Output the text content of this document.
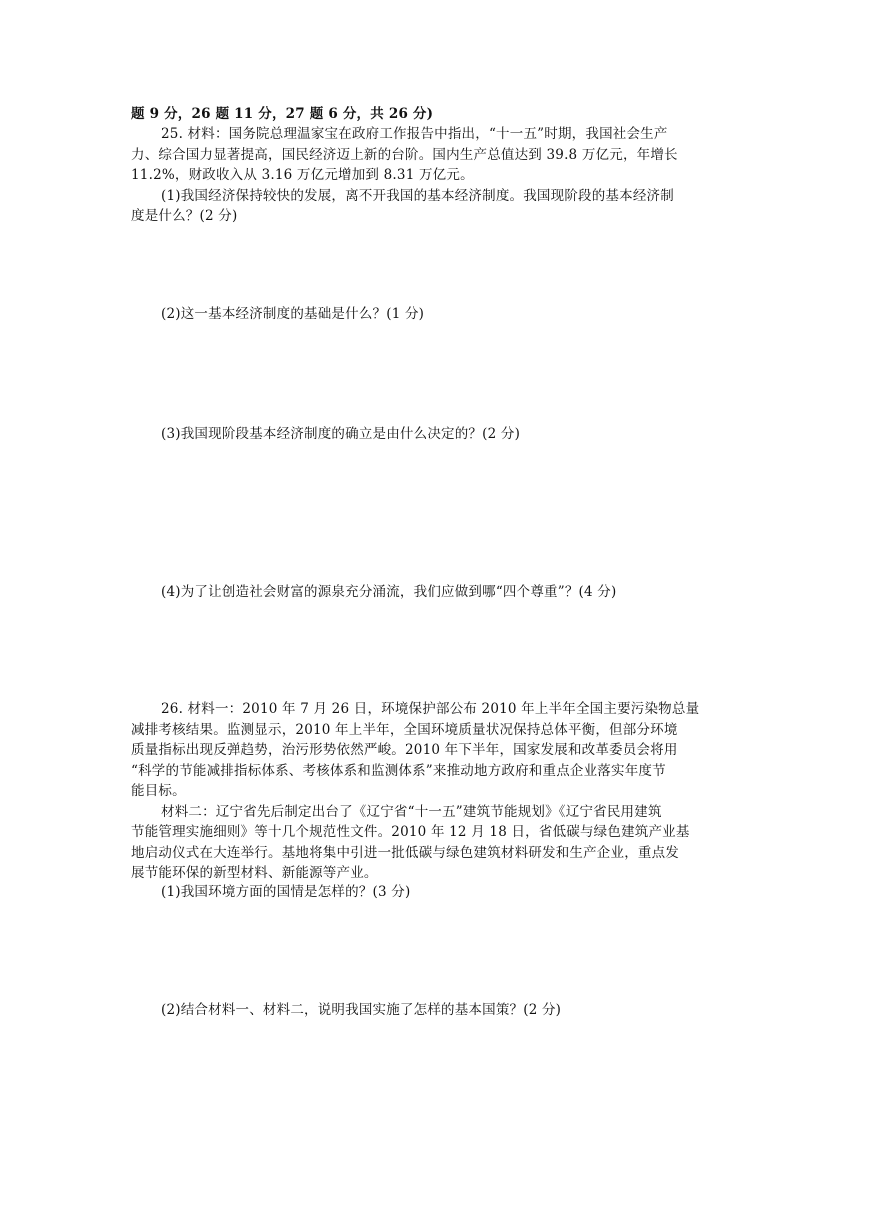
题 9 分，26 题 11 分，27 题 6 分，共 26 分)
25. 材料：国务院总理温家宝在政府工作报告中指出，“十一五”时期，我国社会生产
力、综合国力显著提高，国民经济迈上新的台阶。国内生产总值达到 39.8 万亿元，年增长
11.2%，财政收入从 3.16 万亿元增加到 8.31 万亿元。
(1)我国经济保持较快的发展，离不开我国的基本经济制度。我国现阶段的基本经济制
度是什么？(2 分)
(2)这一基本经济制度的基础是什么？(1 分)
(3)我国现阶段基本经济制度的确立是由什么决定的？(2 分)
(4)为了让创造社会财富的源泉充分涌流，我们应做到哪“四个尊重”？(4 分)
26. 材料一：2010 年 7 月 26 日，环境保护部公布 2010 年上半年全国主要污染物总量
减排考核结果。监测显示，2010 年上半年，全国环境质量状况保持总体平衡，但部分环境
质量指标出现反弹趋势，治污形势依然严峻。2010 年下半年，国家发展和改革委员会将用
“科学的节能减排指标体系、考核体系和监测体系”来推动地方政府和重点企业落实年度节
能目标。
材料二：辽宁省先后制定出台了《辽宁省“十一五”建筑节能规划》《辽宁省民用建筑
节能管理实施细则》等十几个规范性文件。2010 年 12 月 18 日，省低碳与绿色建筑产业基
地启动仪式在大连举行。基地将集中引进一批低碳与绿色建筑材料研发和生产企业，重点发
展节能环保的新型材料、新能源等产业。
(1)我国环境方面的国情是怎样的？(3 分)
(2)结合材料一、材料二，说明我国实施了怎样的基本国策？(2 分)
